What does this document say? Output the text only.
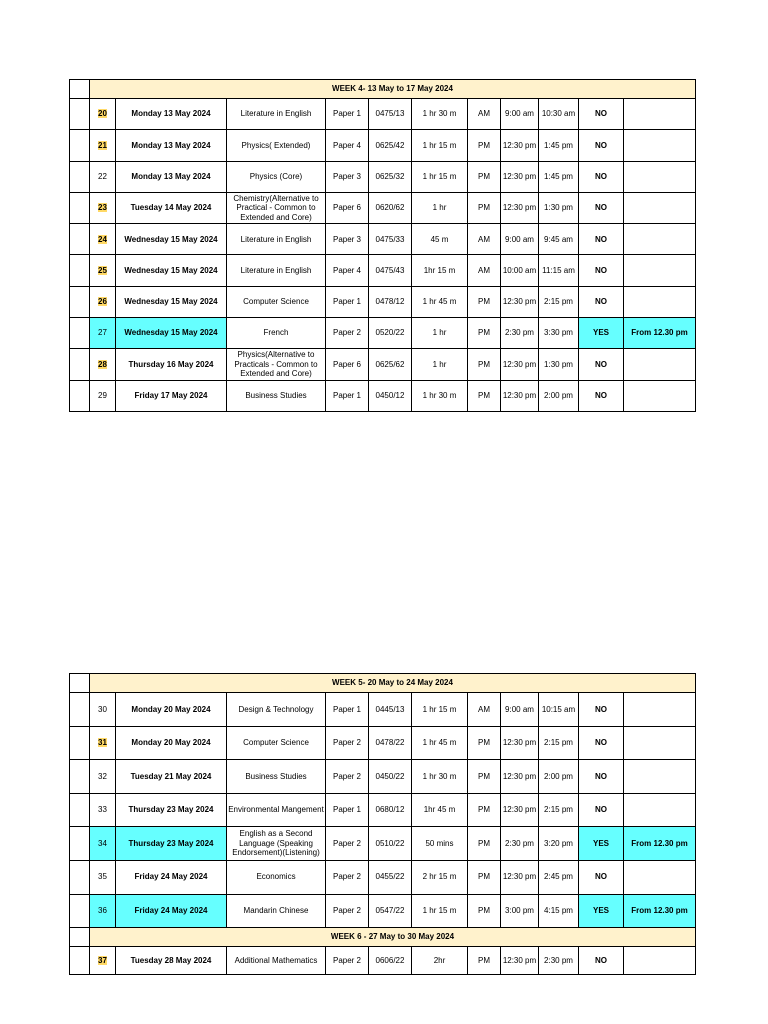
	WEEK 4- 13 May to 17 May 2024										
	20	Monday 13 May 2024	Literature in English	Paper 1	0475/13	1 hr 30 m	AM	9:00 am	10:30 am	NO	
	21	Monday 13 May 2024	Physics( Extended)	Paper 4	0625/42	1 hr 15 m	PM	12:30 pm	1:45 pm	NO	
	22	Monday 13 May 2024	Physics (Core)	Paper 3	0625/32	1 hr 15 m	PM	12:30 pm	1:45 pm	NO	
	23	Tuesday 14 May 2024	Chemistry(Alternative to Practical - Common to Extended and Core)	Paper 6	0620/62	1 hr	PM	12:30 pm	1:30 pm	NO	
	24	Wednesday 15 May 2024	Literature in English	Paper 3	0475/33	45 m	AM	9:00 am	9:45 am	NO	
	25	Wednesday 15 May 2024	Literature in English	Paper 4	0475/43	1hr 15 m	AM	10:00 am	11:15 am	NO	
	26	Wednesday 15 May 2024	Computer Science	Paper 1	0478/12	1 hr 45 m	PM	12:30 pm	2:15 pm	NO	
	27	Wednesday 15 May 2024	French	Paper 2	0520/22	1 hr	PM	2:30 pm	3:30 pm	YES	From 12.30 pm
	28	Thursday 16 May 2024	Physics(Alternative to Practicals - Common to Extended and Core)	Paper 6	0625/62	1 hr	PM	12:30 pm	1:30 pm	NO	
	29	Friday 17 May 2024	Business Studies	Paper 1	0450/12	1 hr 30 m	PM	12:30 pm	2:00 pm	NO	
	WEEK 5- 20 May to 24 May 2024										
	30	Monday 20 May 2024	Design & Technology	Paper 1	0445/13	1 hr 15 m	AM	9:00 am	10:15 am	NO	
	31	Monday 20 May 2024	Computer Science	Paper 2	0478/22	1 hr 45 m	PM	12:30 pm	2:15 pm	NO	
	32	Tuesday 21 May 2024	Business Studies	Paper 2	0450/22	1 hr 30 m	PM	12:30 pm	2:00 pm	NO	
	33	Thursday 23 May 2024	Environmental Mangement	Paper 1	0680/12	1hr 45 m	PM	12:30 pm	2:15 pm	NO	
	34	Thursday 23 May 2024	English as a Second Language (Speaking Endorsement)(Listening)	Paper 2	0510/22	50 mins	PM	2:30 pm	3:20 pm	YES	From 12.30 pm
	35	Friday 24 May 2024	Economics	Paper 2	0455/22	2 hr 15 m	PM	12:30 pm	2:45 pm	NO	
	36	Friday 24 May 2024	Mandarin Chinese	Paper 2	0547/22	1 hr 15 m	PM	3:00 pm	4:15 pm	YES	From 12.30 pm
	WEEK 6 - 27 May to 30 May 2024										
	37	Tuesday 28 May 2024	Additional Mathematics	Paper 2	0606/22	2hr	PM	12:30 pm	2:30 pm	NO	
